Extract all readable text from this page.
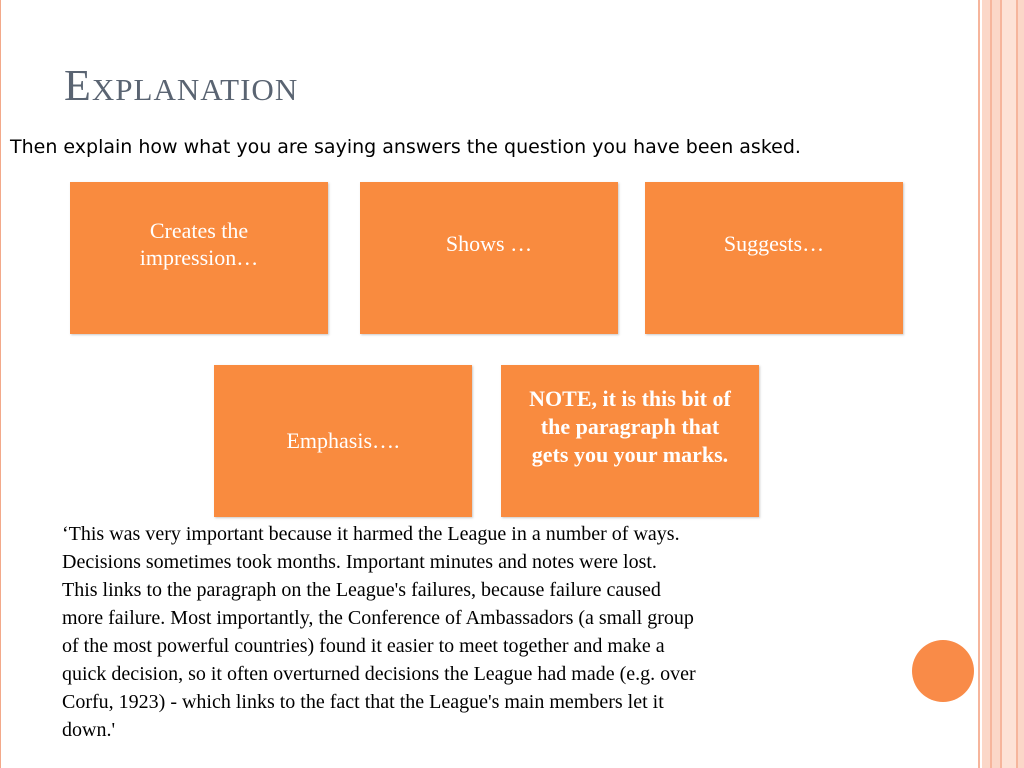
Explanation

Then explain how what you are saying answers the question you have been asked.

Creates the impression…
Shows …	Suggests…
Emphasis….
NOTE, it is this bit of the paragraph that gets you your marks.

‘This was very important because it harmed the League in a number of ways.
Decisions sometimes took months. Important minutes and notes were lost.
This links to the paragraph on the League's failures, because failure caused
more failure. Most importantly, the Conference of Ambassadors (a small group
of the most powerful countries) found it easier to meet together and make a
quick decision, so it often overturned decisions the League had made (e.g. over
Corfu, 1923) - which links to the fact that the League's main members let it
down.'
